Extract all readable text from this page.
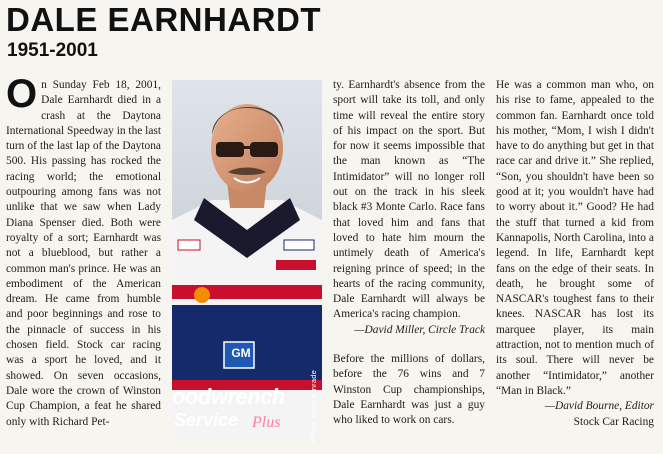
DALE EARNHARDT
1951-2001

On Sunday Feb 18, 2001, Dale Earnhardt died in a crash at the Daytona International Speedway in the last turn of the last lap of the Daytona 500. His passing has rocked the racing world; the emotional outpouring among fans was not unlike that we saw when Lady Diana Spenser died. Both were royalty of a sort; Earnhardt was not a blueblood, but rather a common man's prince. He was an embodiment of the American dream. He came from humble and poor beginnings and rose to the pinnacle of success in his chosen field. Stock car racing was a sport he loved, and it showed. On seven occasions, Dale wore the crown of Winston Cup Champion, a feat he shared only with Richard Pet-

GM
oodwrench
Service Plus	Photo: Nigel Kinrade

ty. Earnhardt's absence from the sport will take its toll, and only time will reveal the entire story of his impact on the sport. But for now it seems impossible that the man known as “The Intimidator” will no longer roll out on the track in his sleek black #3 Monte Carlo. Race fans that loved him and fans that loved to hate him mourn the untimely death of America's reigning prince of speed; in the hearts of the racing community, Dale Earnhardt will always be America's racing champion.

—David Miller, Circle Track

Before the millions of dollars, before the 76 wins and 7 Winston Cup championships, Dale Earnhardt was just a guy who liked to work on cars.

He was a common man who, on his rise to fame, appealed to the common fan. Earnhardt once told his mother, “Mom, I wish I didn't have to do anything but get in that race car and drive it.” She replied, “Son, you shouldn't have been so good at it; you wouldn't have had to worry about it.” Good? He had the stuff that turned a kid from Kannapolis, North Carolina, into a legend. In life, Earnhardt kept fans on the edge of their seats. In death, he brought some of NASCAR's toughest fans to their knees. NASCAR has lost its marquee player, its main attraction, not to mention much of its soul. There will never be another “Intimidator,” another “Man in Black.”

—David Bourne, Editor

Stock Car Racing
